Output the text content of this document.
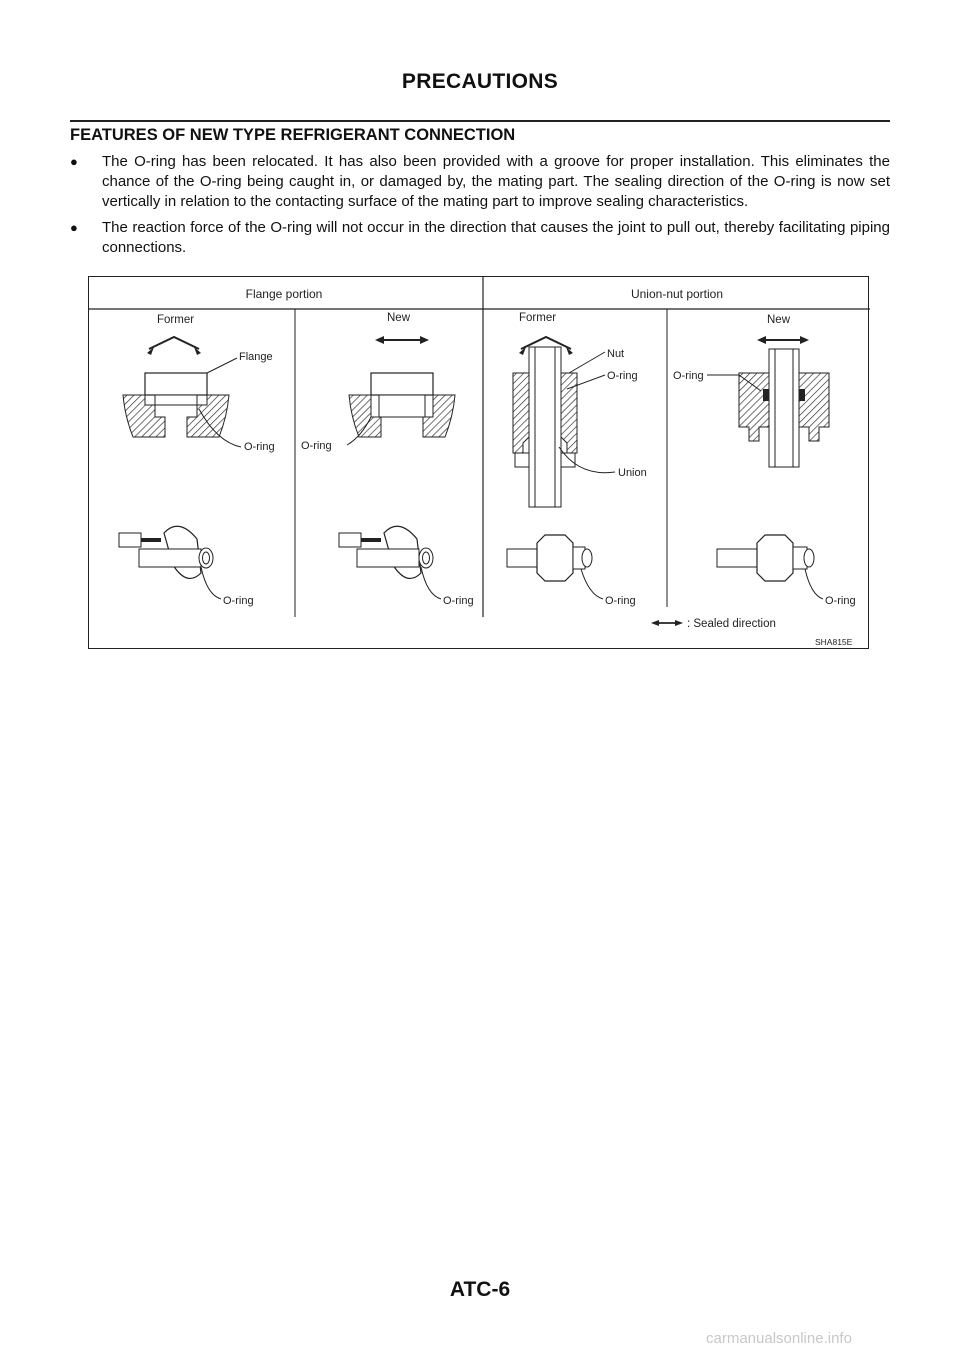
PRECAUTIONS
FEATURES OF NEW TYPE REFRIGERANT CONNECTION
● The O-ring has been relocated. It has also been provided with a groove for proper installation. This eliminates the chance of the O-ring being caught in, or damaged by, the mating part. The sealing direction of the O-ring is now set vertically in relation to the contacting surface of the mating part to improve sealing characteristics.
● The reaction force of the O-ring will not occur in the direction that causes the joint to pull out, thereby facilitating piping connections.
Flange portion	Union-nut portion
Former	New	Former	New
Flange
O-ring O-ring
Nut
O-ring
Union
O-ring
O-ring	O-ring	O-ring	O-ring
: Sealed direction
SHA815E
ATC-6
carmanualsonline.info
